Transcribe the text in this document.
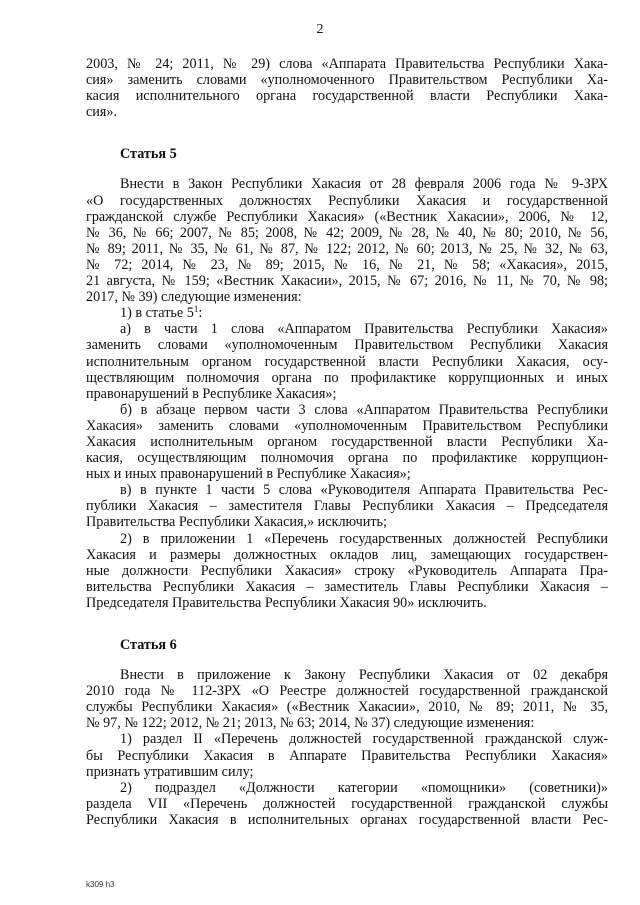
2
2003, № 24; 2011, № 29) слова «Аппарата Правительства Республики Хака-
сия» заменить словами «уполномоченного Правительством Республики Ха-
касия исполнительного органа государственной власти Республики Хака-
сия».
Статья 5
Внести в Закон Республики Хакасия от 28 февраля 2006 года № 9-ЗРХ
«О государственных должностях Республики Хакасия и государственной
гражданской службе Республики Хакасия» («Вестник Хакасии», 2006, № 12,
№ 36, № 66; 2007, № 85; 2008, № 42; 2009, № 28, № 40, № 80; 2010, № 56,
№ 89; 2011, № 35, № 61, № 87, № 122; 2012, № 60; 2013, № 25, № 32, № 63,
№ 72; 2014, № 23, № 89; 2015, № 16, № 21, № 58; «Хакасия», 2015,
21 августа, № 159; «Вестник Хакасии», 2015, № 67; 2016, № 11, № 70, № 98;
2017, № 39) следующие изменения:
1) в статье $5^1$:
а) в части 1 слова «Аппаратом Правительства Республики Хакасия»
заменить словами «уполномоченным Правительством Республики Хакасия
исполнительным органом государственной власти Республики Хакасия, осу-
ществляющим полномочия органа по профилактике коррупционных и иных
правонарушений в Республике Хакасия»;
б) в абзаце первом части 3 слова «Аппаратом Правительства Республики
Хакасия» заменить словами «уполномоченным Правительством Республики
Хакасия исполнительным органом государственной власти Республики Ха-
касия, осуществляющим полномочия органа по профилактике коррупцион-
ных и иных правонарушений в Республике Хакасия»;
в) в пункте 1 части 5 слова «Руководителя Аппарата Правительства Рес-
публики Хакасия – заместителя Главы Республики Хакасия – Председателя
Правительства Республики Хакасия,» исключить;
2) в приложении 1 «Перечень государственных должностей Республики
Хакасия и размеры должностных окладов лиц, замещающих государствен-
ные должности Республики Хакасия» строку «Руководитель Аппарата Пра-
вительства Республики Хакасия – заместитель Главы Республики Хакасия –
Председателя Правительства Республики Хакасия 90» исключить.
Статья 6
Внести в приложение к Закону Республики Хакасия от 02 декабря
2010 года № 112-ЗРХ «О Реестре должностей государственной гражданской
службы Республики Хакасия» («Вестник Хакасии», 2010, № 89; 2011, № 35,
№ 97, № 122; 2012, № 21; 2013, № 63; 2014, № 37) следующие изменения:
1) раздел II «Перечень должностей государственной гражданской служ-
бы Республики Хакасия в Аппарате Правительства Республики Хакасия»
признать утратившим силу;
2) подраздел «Должности категории «помощники» (советники)»
раздела VII «Перечень должностей государственной гражданской службы
Республики Хакасия в исполнительных органах государственной власти Рес-
k309 h3
